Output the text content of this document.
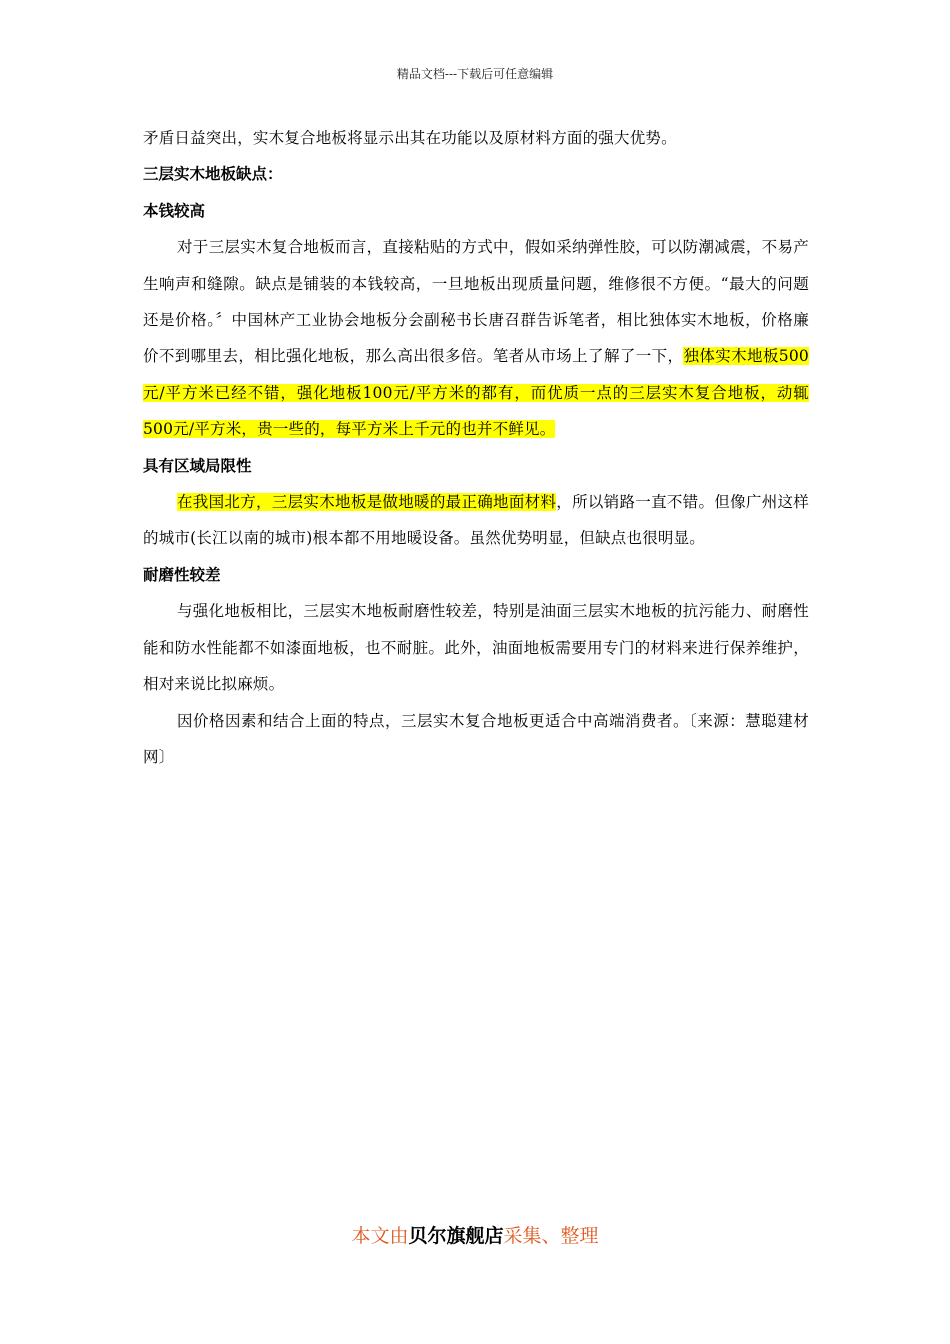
精品文档---下载后可任意编辑

矛盾日益突出，实木复合地板将显示出其在功能以及原材料方面的强大优势。

三层实木地板缺点：

本钱较高

对于三层实木复合地板而言，直接粘贴的方式中，假如采纳弹性胶，可以防潮减震，不易产生响声和缝隙。缺点是铺装的本钱较高，一旦地板出现质量问题，维修很不方便。“最大的问题还是价格。〞中国林产工业协会地板分会副秘书长唐召群告诉笔者，相比独体实木地板，价格廉价不到哪里去，相比强化地板，那么高出很多倍。笔者从市场上了解了一下，独体实木地板500元/平方米已经不错，强化地板100元/平方米的都有，而优质一点的三层实木复合地板，动辄500元/平方米，贵一些的，每平方米上千元的也并不鲜见。

具有区域局限性

在我国北方，三层实木地板是做地暖的最正确地面材料，所以销路一直不错。但像广州这样的城市(长江以南的城市)根本都不用地暖设备。虽然优势明显，但缺点也很明显。

耐磨性较差

与强化地板相比，三层实木地板耐磨性较差，特别是油面三层实木地板的抗污能力、耐磨性能和防水性能都不如漆面地板，也不耐脏。此外，油面地板需要用专门的材料来进行保养维护，相对来说比拟麻烦。

因价格因素和结合上面的特点，三层实木复合地板更适合中高端消费者。〔来源：慧聪建材网〕

本文由贝尔旗舰店采集、整理
